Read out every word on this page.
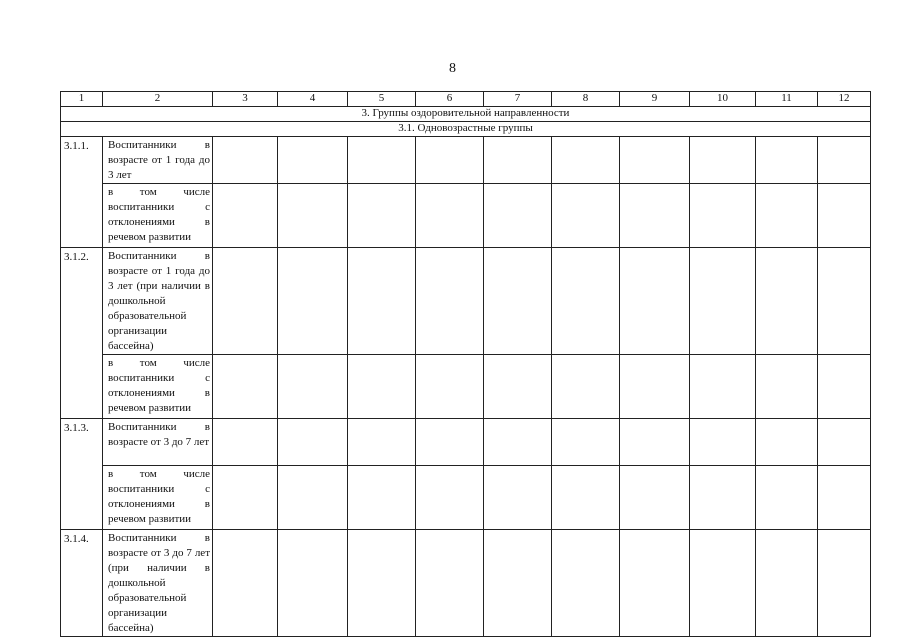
8
1	2	3	4	5	6	7	8	9	10	11	12
3. Группы оздоровительной направленности											
3.1. Одновозрастные группы											
3.1.1.	Воспитанники в возрасте от 1 года до 3 лет										
	в том числе воспитанники с отклонениями в речевом развитии										
3.1.2.	Воспитанники в возрасте от 1 года до 3 лет (при наличии в дошкольной образовательной организации бассейна)										
	в том числе воспитанники с отклонениями в речевом развитии										
3.1.3.	Воспитанники в возрасте от 3 до 7 лет										
	в том числе воспитанники с отклонениями в речевом развитии										
3.1.4.	Воспитанники в возрасте от 3 до 7 лет (при наличии в дошкольной образовательной организации бассейна)										
